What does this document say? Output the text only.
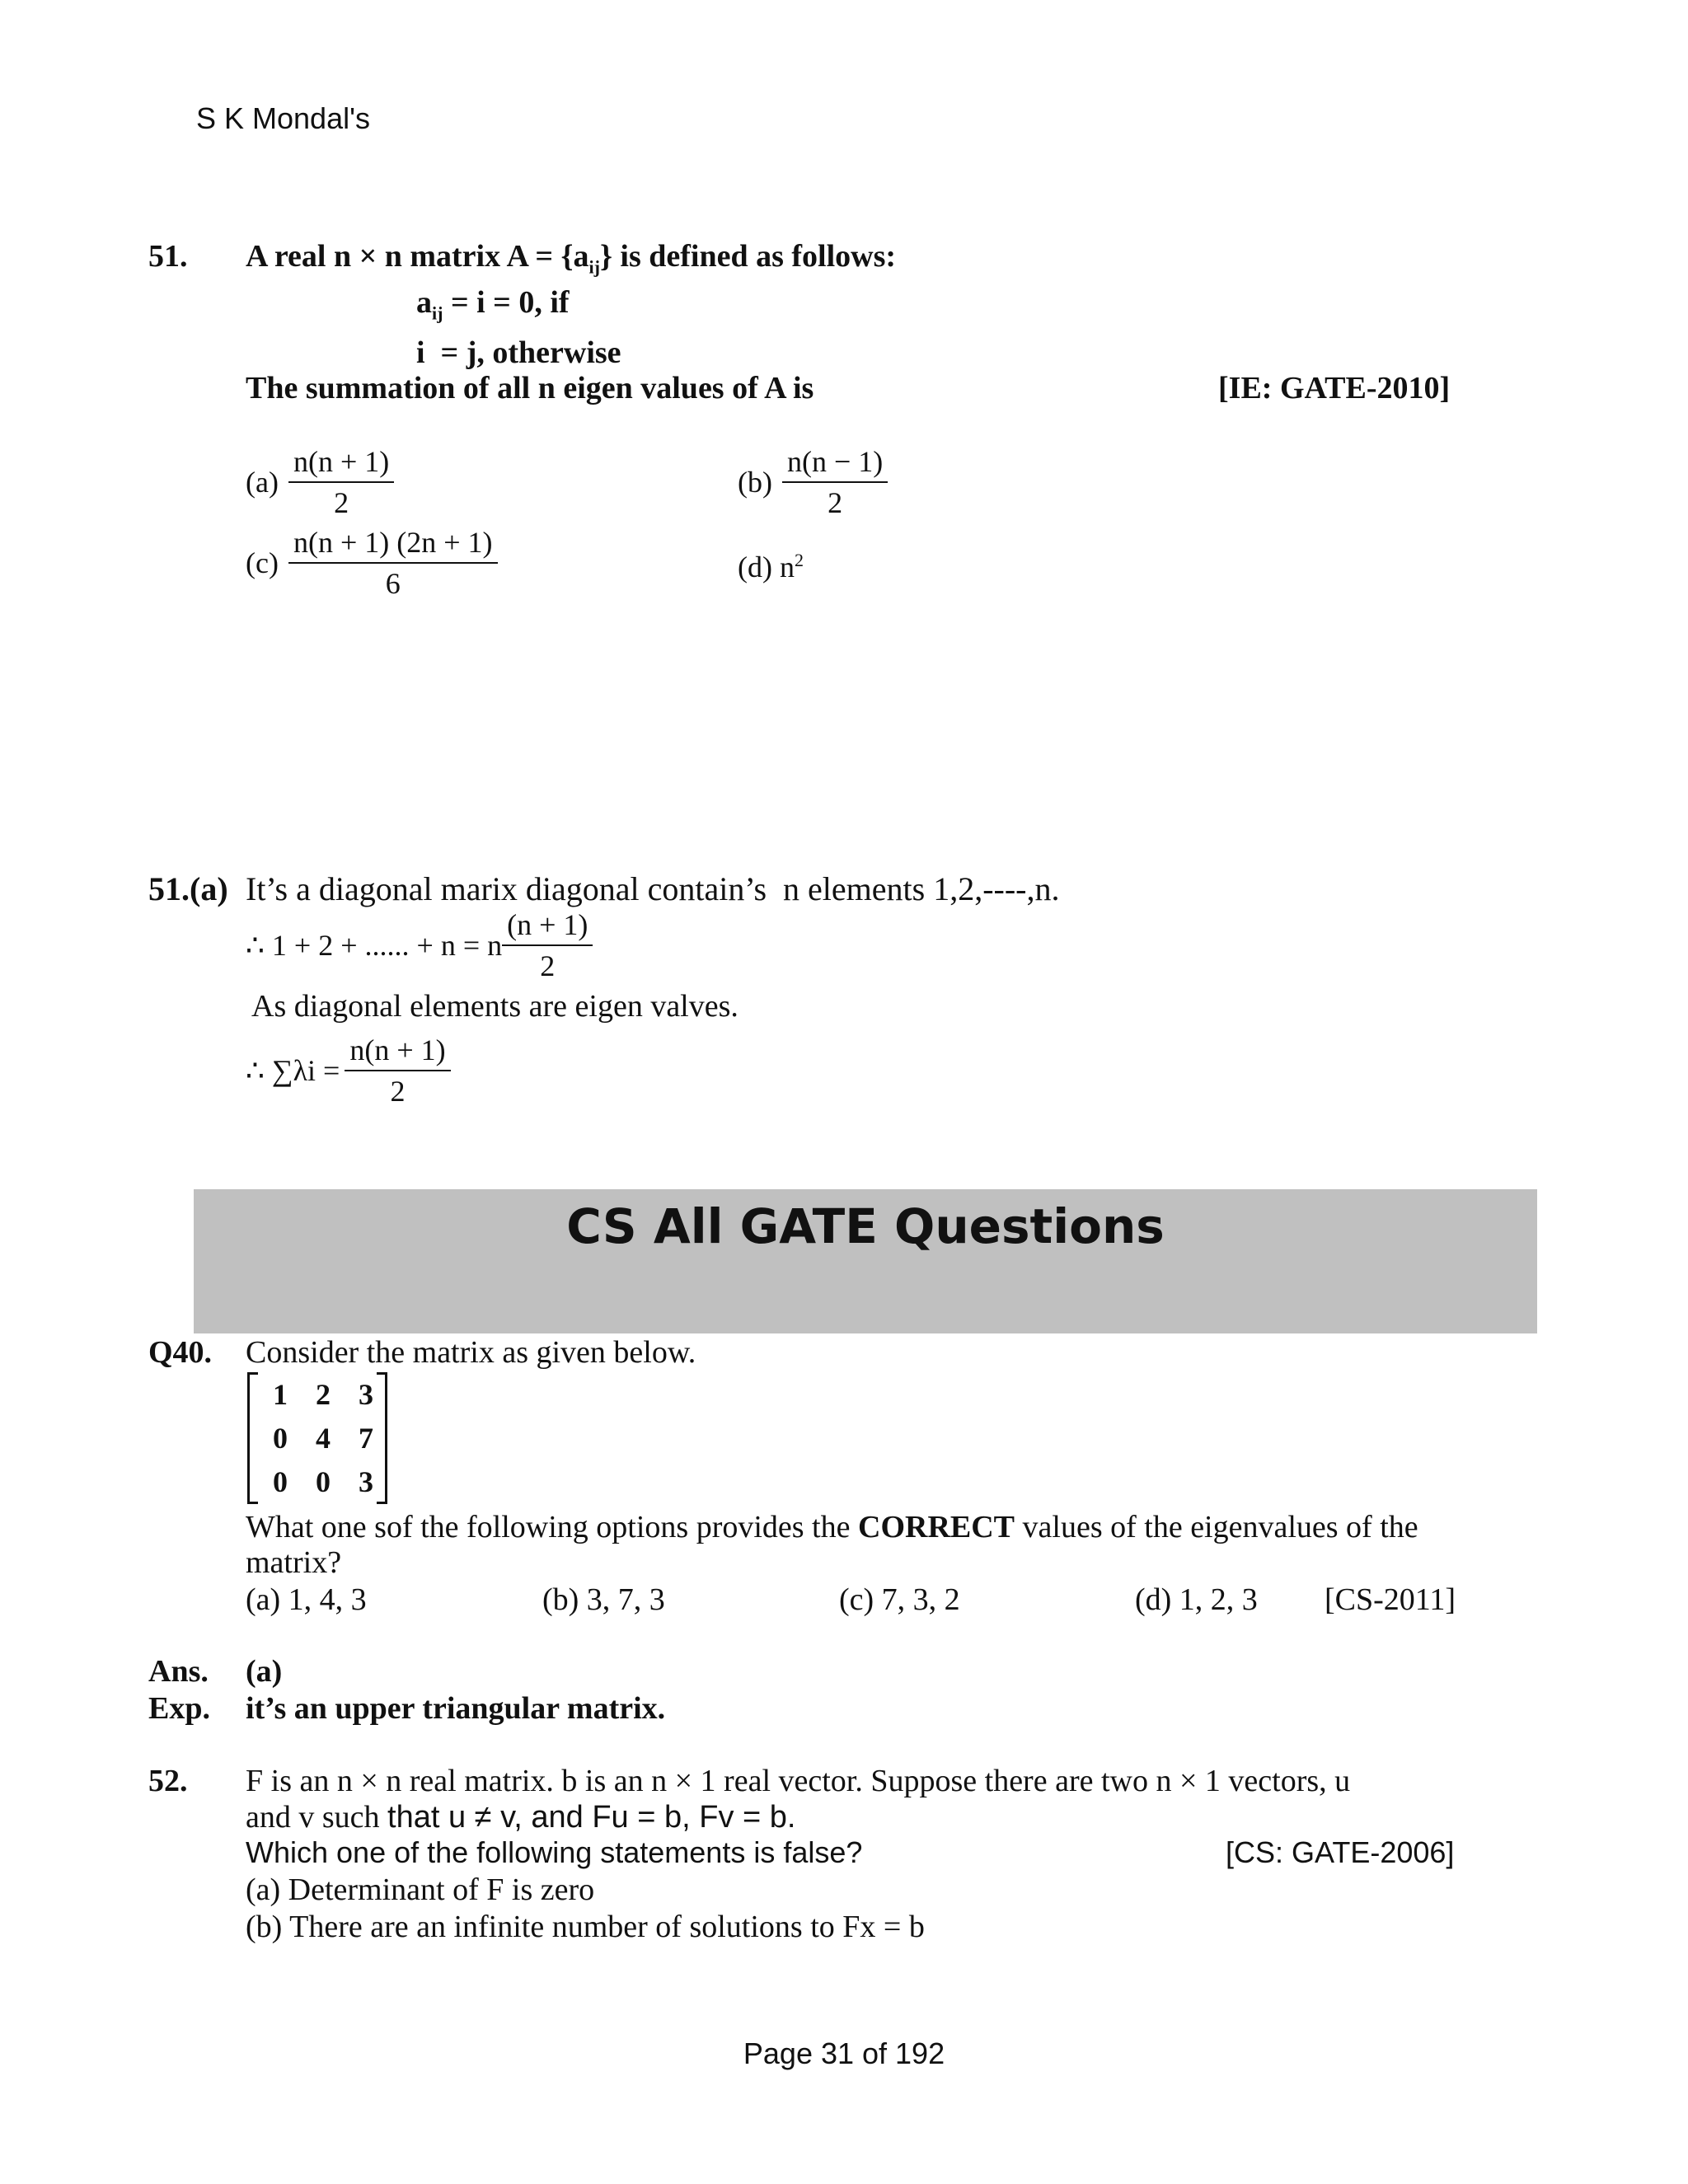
S K Mondal's
51. A real n × n matrix $A = \{a_{ij}\}$ is defined as follows:
$a_{ij} = i = 0$, if
i  = j, otherwise
The summation of all n eigen values of A is	[IE: GATE-2010]
$(a) \frac{n(n + 1)}{2}$	$(b) \frac{n(n - 1)}{2}$
$(c) \frac{n(n + 1) (2n + 1)}{6}$	(d) $n^2$
51.(a) It’s a diagonal marix diagonal contain’s  n elements 1,2,----,n.
∴ 1 + 2 + ...... + n = n $\frac{(n + 1)}{2}$
As diagonal elements are eigen valves.
∴ $\sum\lambda i = \frac{n(n + 1)}{2}$
CS All GATE Questions
Q40. Consider the matrix as given below.
1	2	3
0	4	7
0	0	3
What one sof the following options provides the CORRECT values of the eigenvalues of the
matrix?
(a) 1, 4, 3	(b) 3, 7, 3	(c) 7, 3, 2	(d) 1, 2, 3 [CS-2011]
Ans. (a)
Exp. it’s an upper triangular matrix.
52. F is an n × n real matrix. b is an n × 1 real vector. Suppose there are two n × 1 vectors, u
and v such that u ≠ v, and Fu = b, Fv = b.
Which one of the following statements is false?	[CS: GATE-2006]
(a) Determinant of F is zero
(b) There are an infinite number of solutions to Fx = b
Page 31 of 192
